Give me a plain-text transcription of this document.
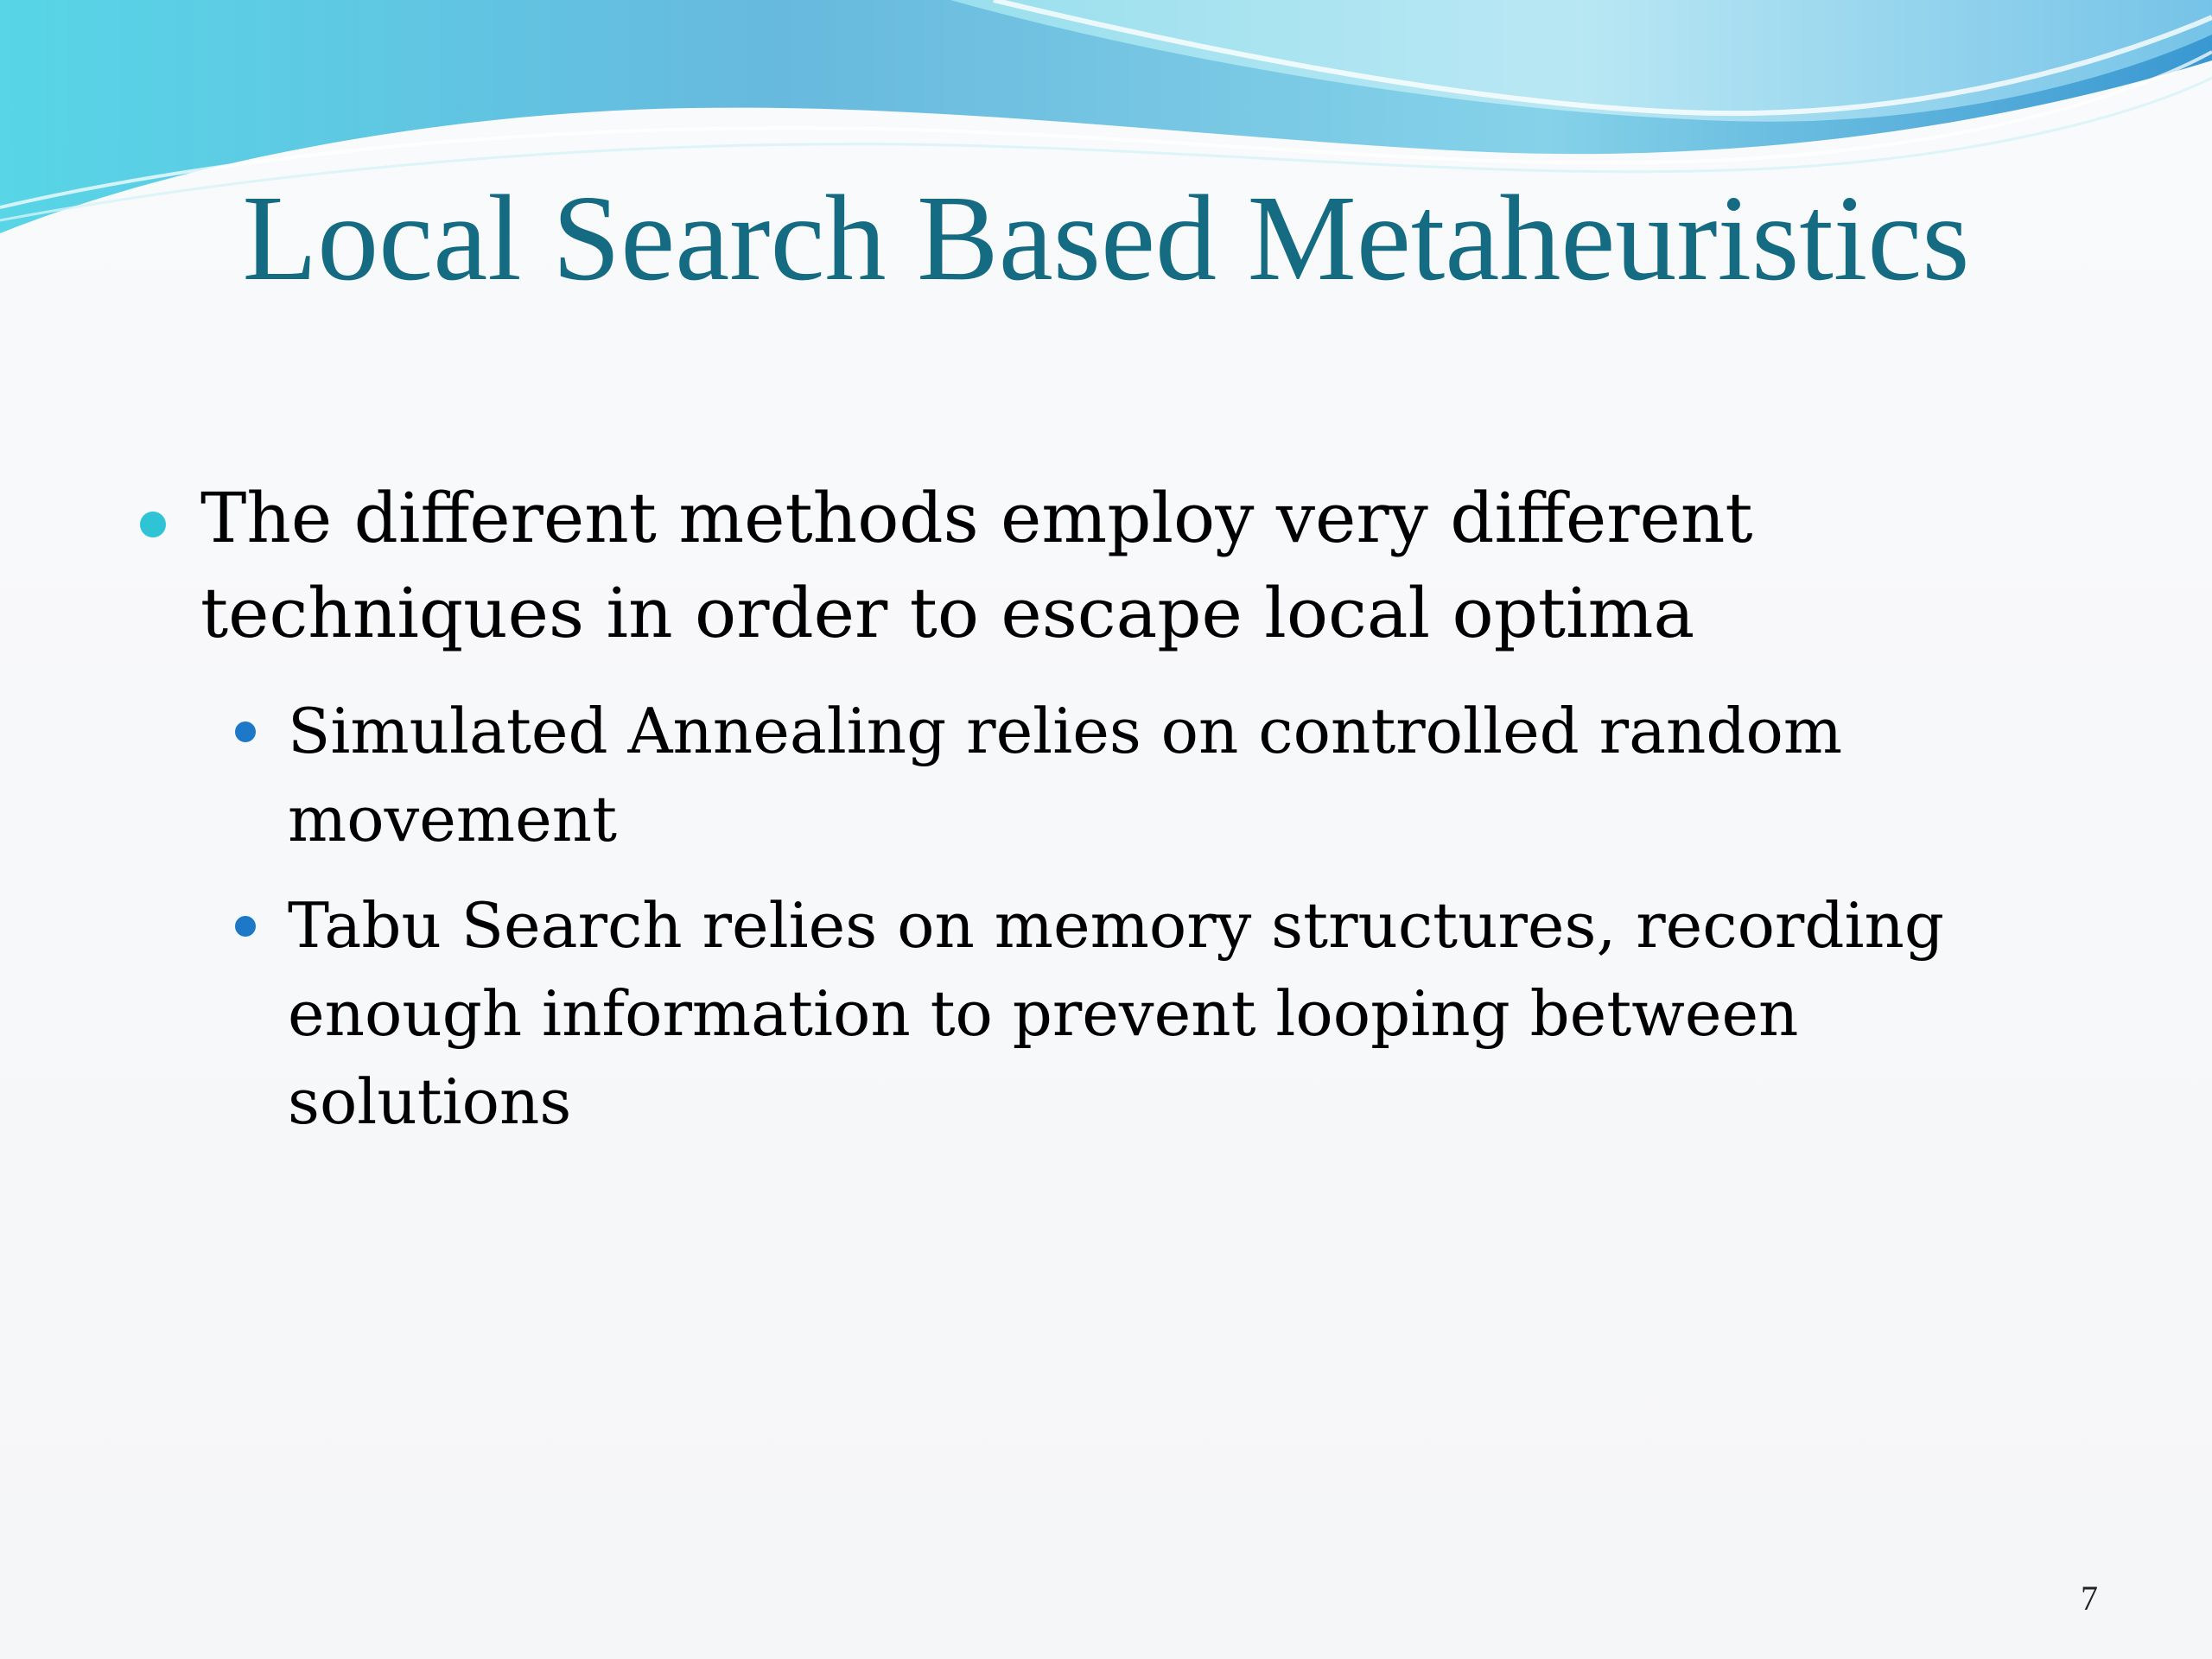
Local Search Based Metaheuristics
The different methods employ very different
techniques in order to escape local optima
Simulated Annealing relies on controlled random
movement
Tabu Search relies on memory structures, recording
enough information to prevent looping between
solutions
7
